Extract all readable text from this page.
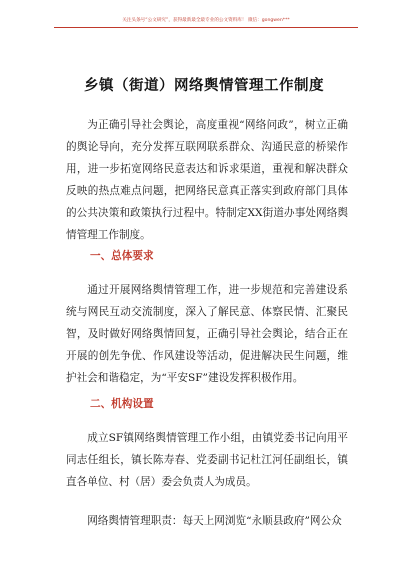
关注头条号“公文研究”，获得最新最全最专业的公文资料库！ 微信：gongwen***
乡镇（街道）网络舆情管理工作制度

为正确引导社会舆论，高度重视“网络问政”，树立正确的舆论导向，充分发挥互联网联系群众、沟通民意的桥梁作用，进一步拓宽网络民意表达和诉求渠道，重视和解决群众反映的热点难点问题，把网络民意真正落实到政府部门具体的公共决策和政策执行过程中。特制定XX街道办事处网络舆情管理工作制度。

一、总体要求

通过开展网络舆情管理工作，进一步规范和完善建设系统与网民互动交流制度，深入了解民意、体察民情、汇聚民智，及时做好网络舆情回复，正确引导社会舆论，结合正在开展的创先争优、作风建设等活动，促进解决民生问题，维护社会和谐稳定，为“平安SF”建设发挥积极作用。

二、机构设置

成立SF镇网络舆情管理工作小组，由镇党委书记向用平同志任组长，镇长陈寿春、党委副书记杜江河任副组长，镇直各单位、村（居）委会负责人为成员。

网络舆情管理职责：每天上网浏览“永顺县政府”网公众
